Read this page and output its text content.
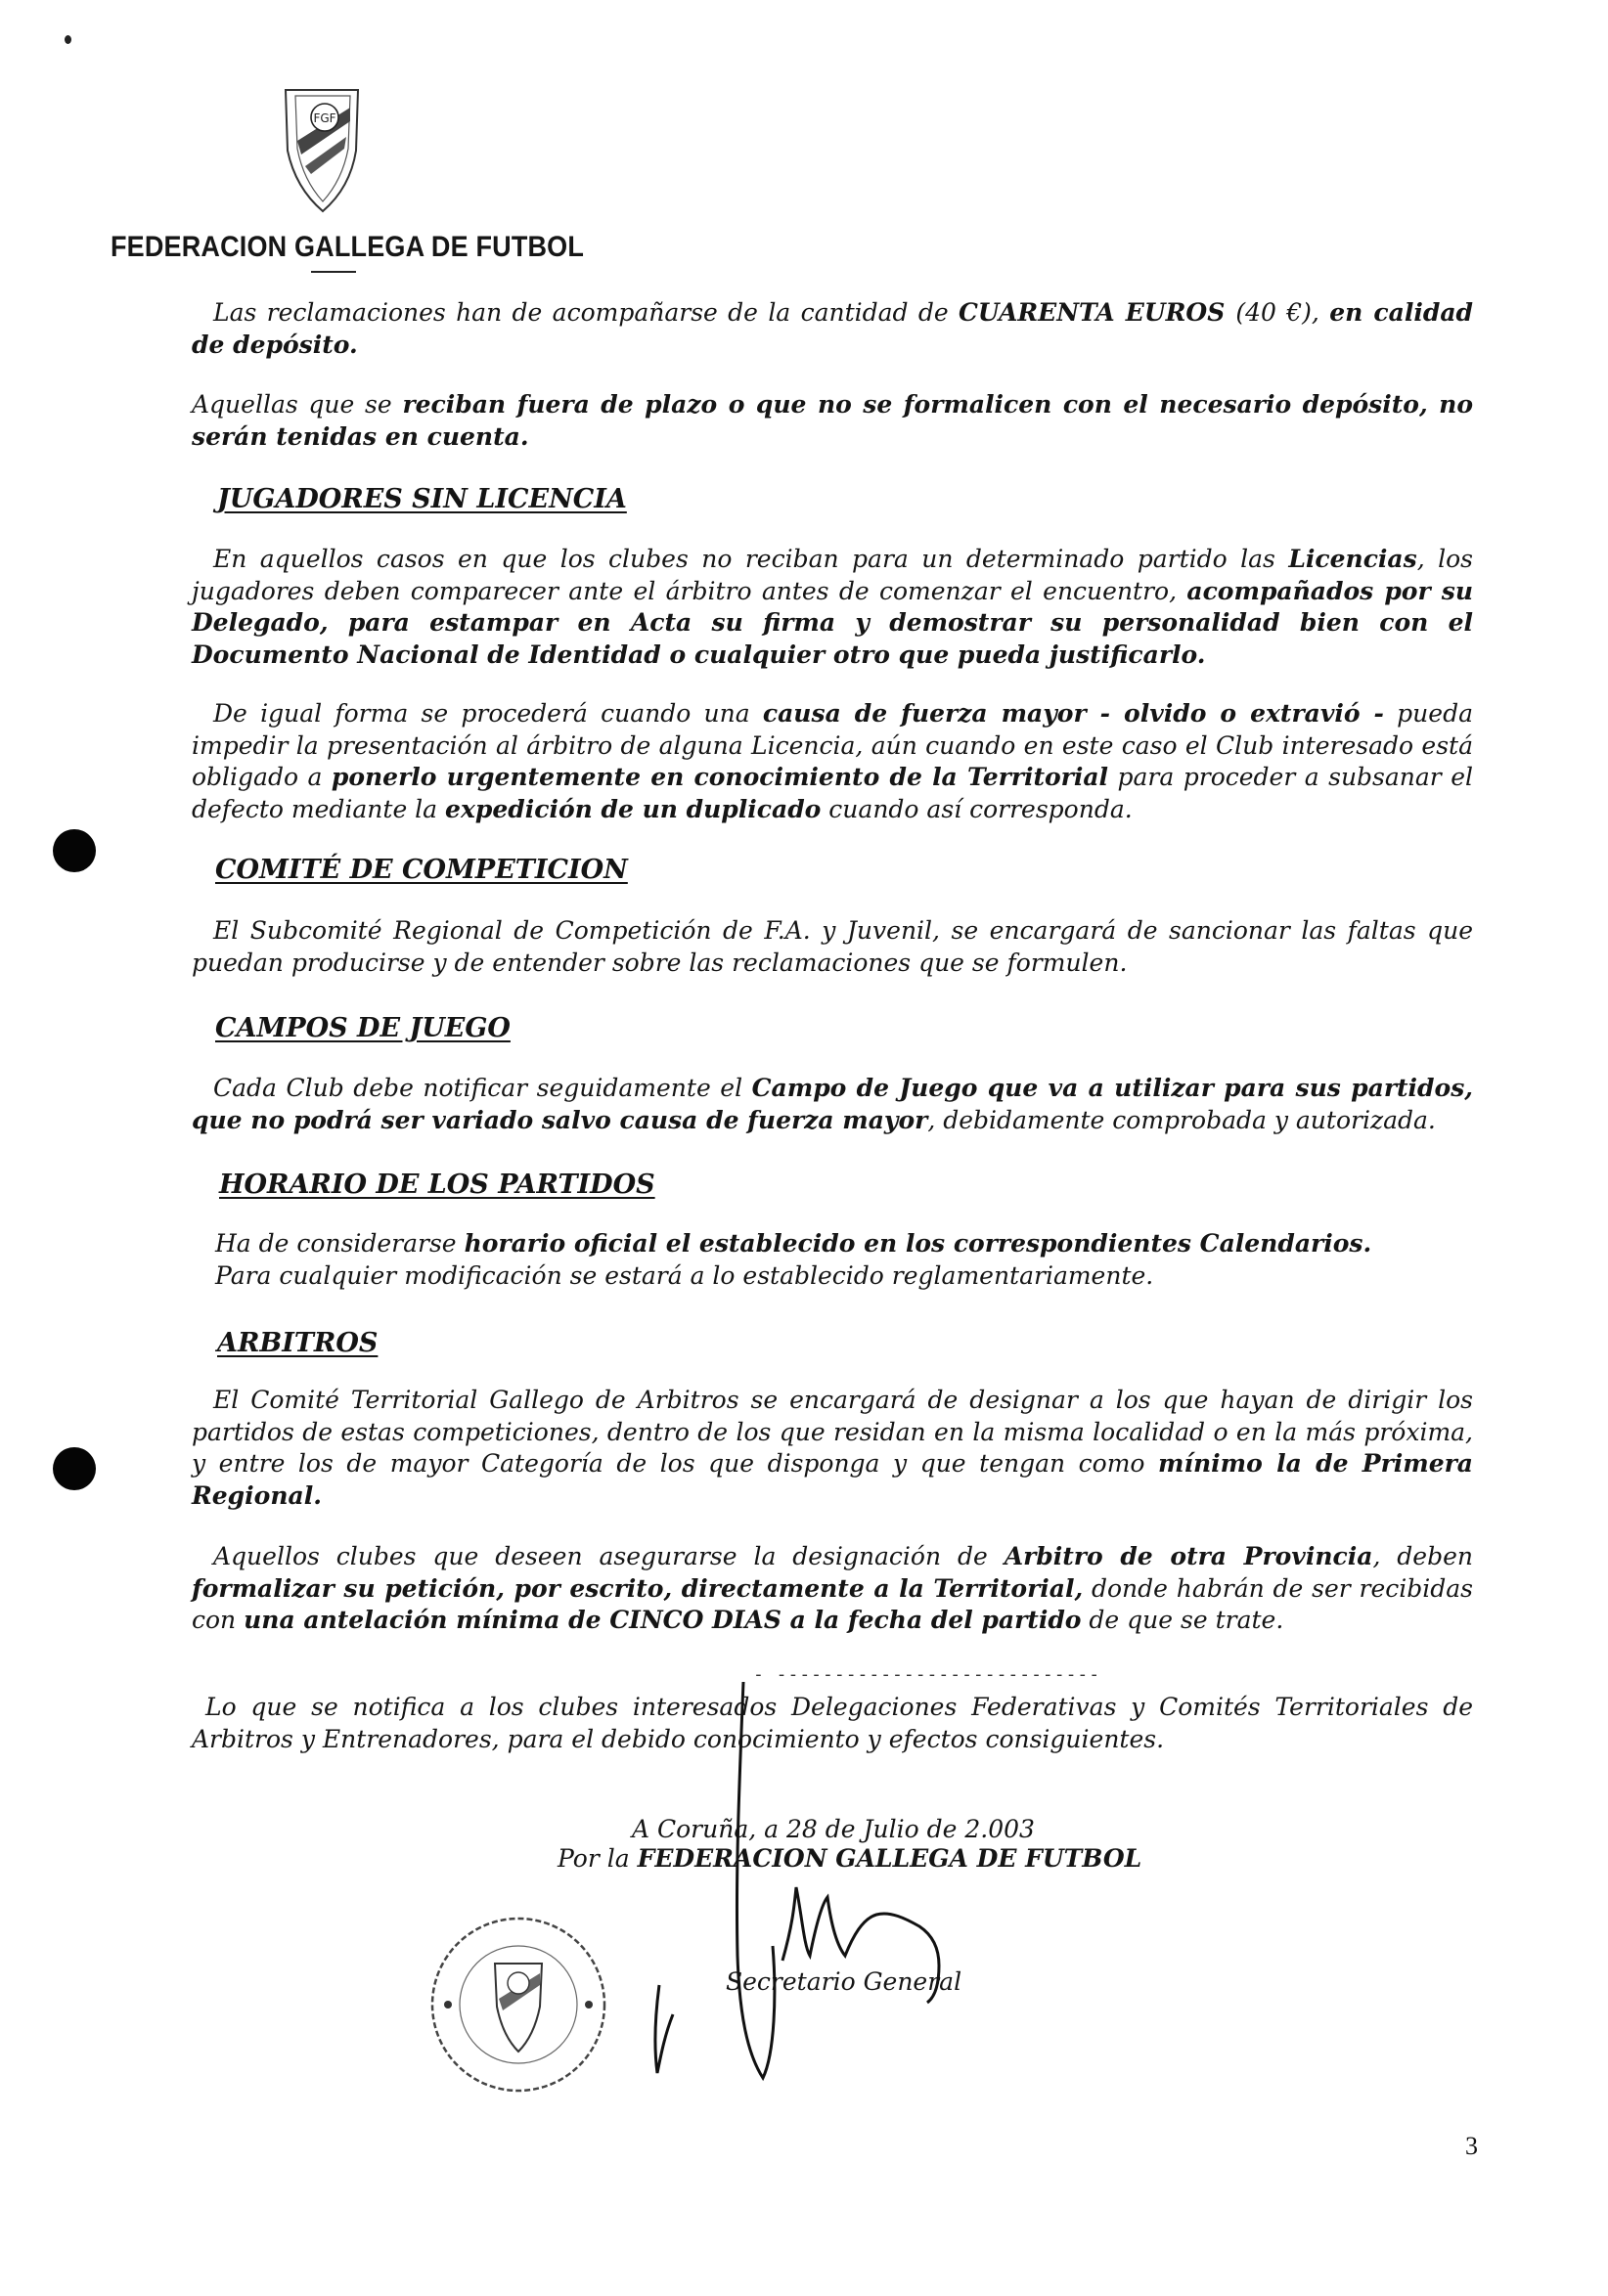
FGF
FEDERACION GALLEGA DE FUTBOL
Las reclamaciones han de acompañarse de la cantidad de CUARENTA EUROS (40 €), en calidad de depósito.
Aquellas que se reciban fuera de plazo o que no se formalicen con el necesario depósito, no serán tenidas en cuenta.
JUGADORES SIN LICENCIA
En aquellos casos en que los clubes no reciban para un determinado partido las Licencias, los jugadores deben comparecer ante el árbitro antes de comenzar el encuentro, acompañados por su Delegado, para estampar en Acta su firma y demostrar su personalidad bien con el Documento Nacional de Identidad o cualquier otro que pueda justificarlo.
De igual forma se procederá cuando una causa de fuerza mayor - olvido o extravió - pueda impedir la presentación al árbitro de alguna Licencia, aún cuando en este caso el Club interesado está obligado a ponerlo urgentemente en conocimiento de la Territorial para proceder a subsanar el defecto mediante la expedición de un duplicado cuando así corresponda.
COMITÉ DE COMPETICION
El Subcomité Regional de Competición de F.A. y Juvenil, se encargará de sancionar las faltas que puedan producirse y de entender sobre las reclamaciones que se formulen.
CAMPOS DE JUEGO
Cada Club debe notificar seguidamente el Campo de Juego que va a utilizar para sus partidos, que no podrá ser variado salvo causa de fuerza mayor, debidamente comprobada y autorizada.
HORARIO DE LOS PARTIDOS
Ha de considerarse horario oficial el establecido en los correspondientes Calendarios.
Para cualquier modificación se estará a lo establecido reglamentariamente.
ARBITROS
El Comité Territorial Gallego de Arbitros se encargará de designar a los que hayan de dirigir los partidos de estas competiciones, dentro de los que residan en la misma localidad o en la más próxima, y entre los de mayor Categoría de los que disponga y que tengan como mínimo la de Primera Regional.
Aquellos clubes que deseen asegurarse la designación de Arbitro de otra Provincia, deben formalizar su petición, por escrito, directamente a la Territorial, donde habrán de ser recibidas con una antelación mínima de CINCO DIAS a la fecha del partido de que se trate.
- ----------------------------
Lo que se notifica a los clubes interesados Delegaciones Federativas y Comités Territoriales de Arbitros y Entrenadores, para el debido conocimiento y efectos consiguientes.
A Coruña, a 28 de Julio de 2.003
Por la FEDERACION GALLEGA DE FUTBOL
Secretario General
3
